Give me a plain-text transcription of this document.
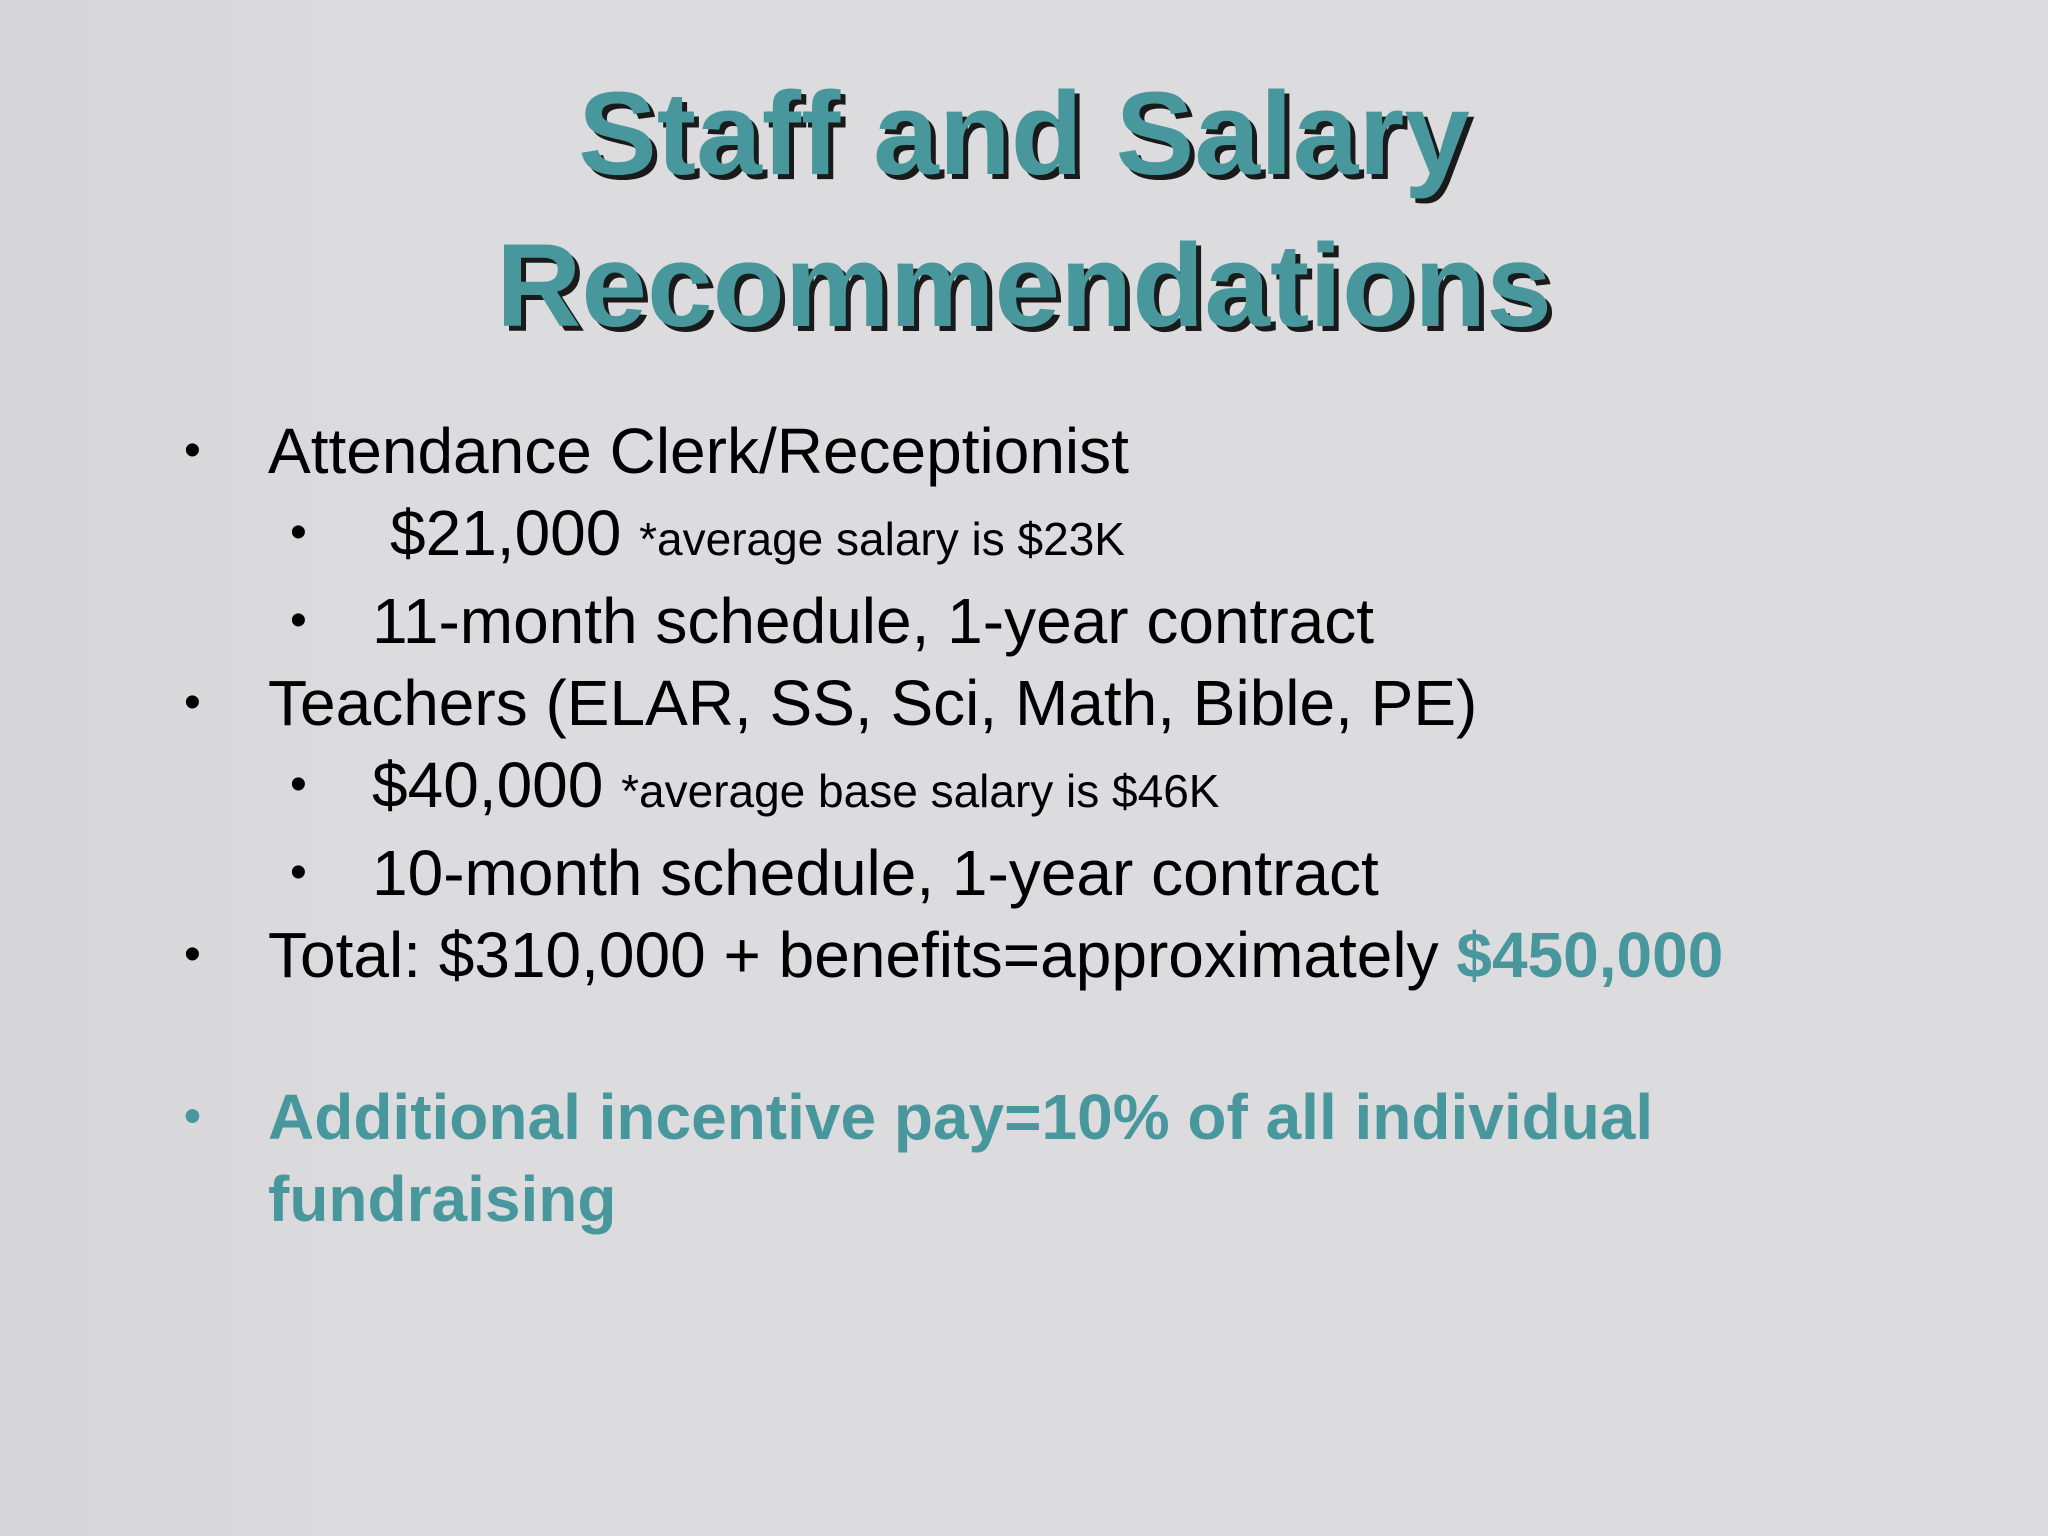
Staff and Salary
Recommendations
• Attendance Clerk/Receptionist
• $21,000 *average salary is $23K
• 11-month schedule, 1-year contract
• Teachers (ELAR, SS, Sci, Math, Bible, PE)
• $40,000 *average base salary is $46K
• 10-month schedule, 1-year contract
• Total: $310,000 + benefits=approximately $450,000
• Additional incentive pay=10% of all individual fundraising
